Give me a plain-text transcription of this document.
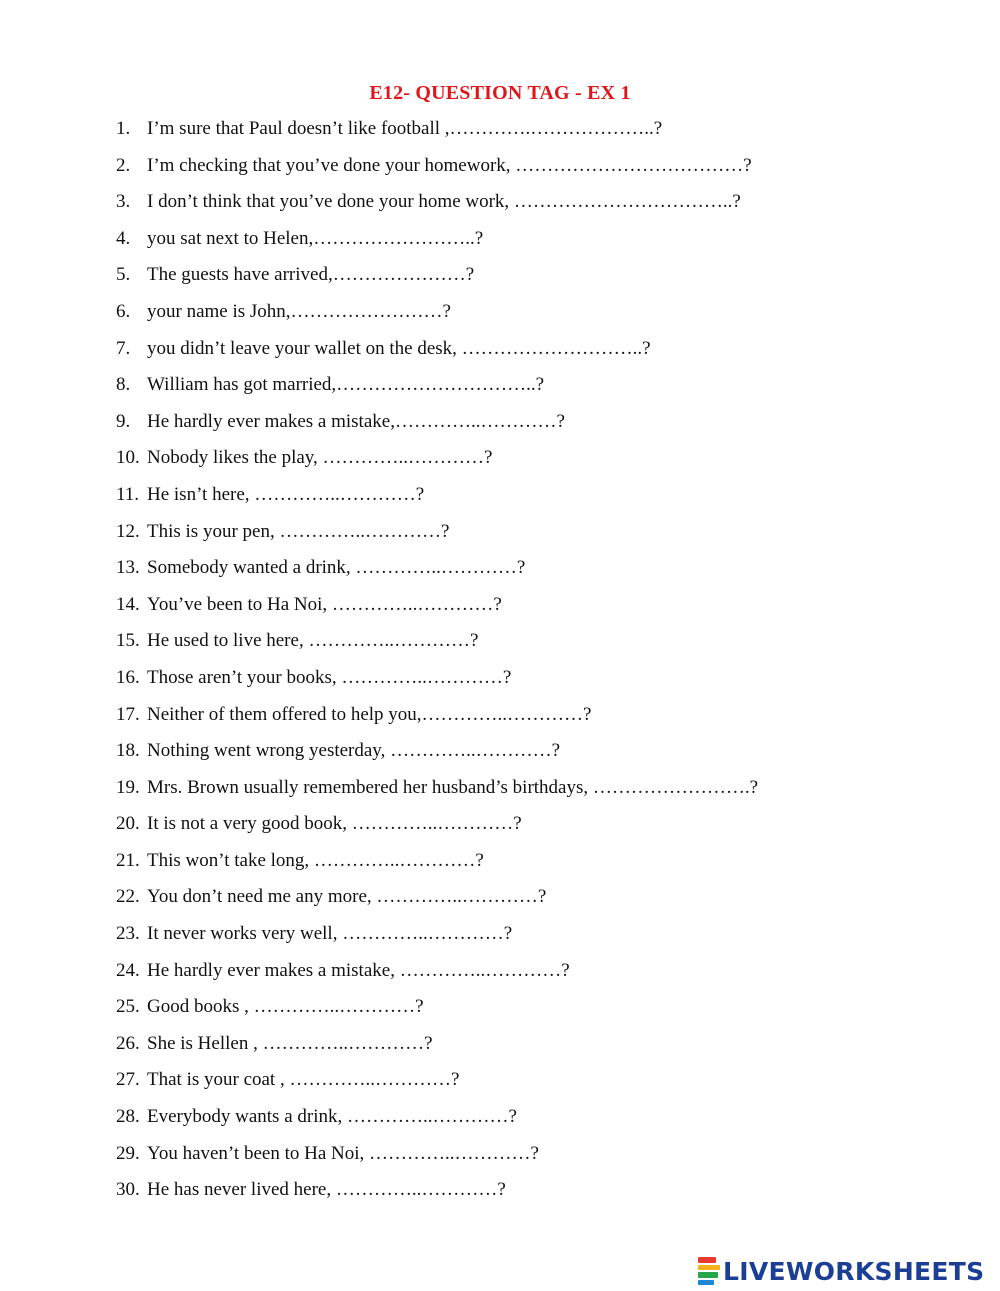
E12- QUESTION TAG - EX 1
1. I’m sure that Paul doesn’t like football ,………….………………..?
2. I’m checking that you’ve done your homework, ………………………………?
3. I don’t think that you’ve done your home work, ……………………………..?
4. you sat next to Helen,……………………..?
5. The guests have arrived,…………………?
6. your name is John,……………………?
7. you didn’t leave your wallet on the desk, ………………………..?
8. William has got married,…………………………..?
9. He hardly ever makes a mistake,…………..…………?
10. Nobody likes the play, …………..…………?
11. He isn’t here, …………..…………?
12. This is your pen, …………..…………?
13. Somebody wanted a drink, …………..…………?
14. You’ve been to Ha Noi, …………..…………?
15. He used to live here, …………..…………?
16. Those aren’t your books, …………..…………?
17. Neither of them offered to help you,…………..…………?
18. Nothing went wrong yesterday, …………..…………?
19. Mrs. Brown usually remembered her husband’s birthdays, …………………….?
20. It is not a very good book, …………..…………?
21. This won’t take long, …………..…………?
22. You don’t need me any more, …………..…………?
23. It never works very well, …………..…………?
24. He hardly ever makes a mistake, …………..…………?
25. Good books , …………..…………?
26. She is Hellen , …………..…………?
27. That is your coat , …………..…………?
28. Everybody wants a drink, …………..…………?
29. You haven’t been to Ha Noi, …………..…………?
30. He has never lived here, …………..…………?
LIVEWORKSHEETS
